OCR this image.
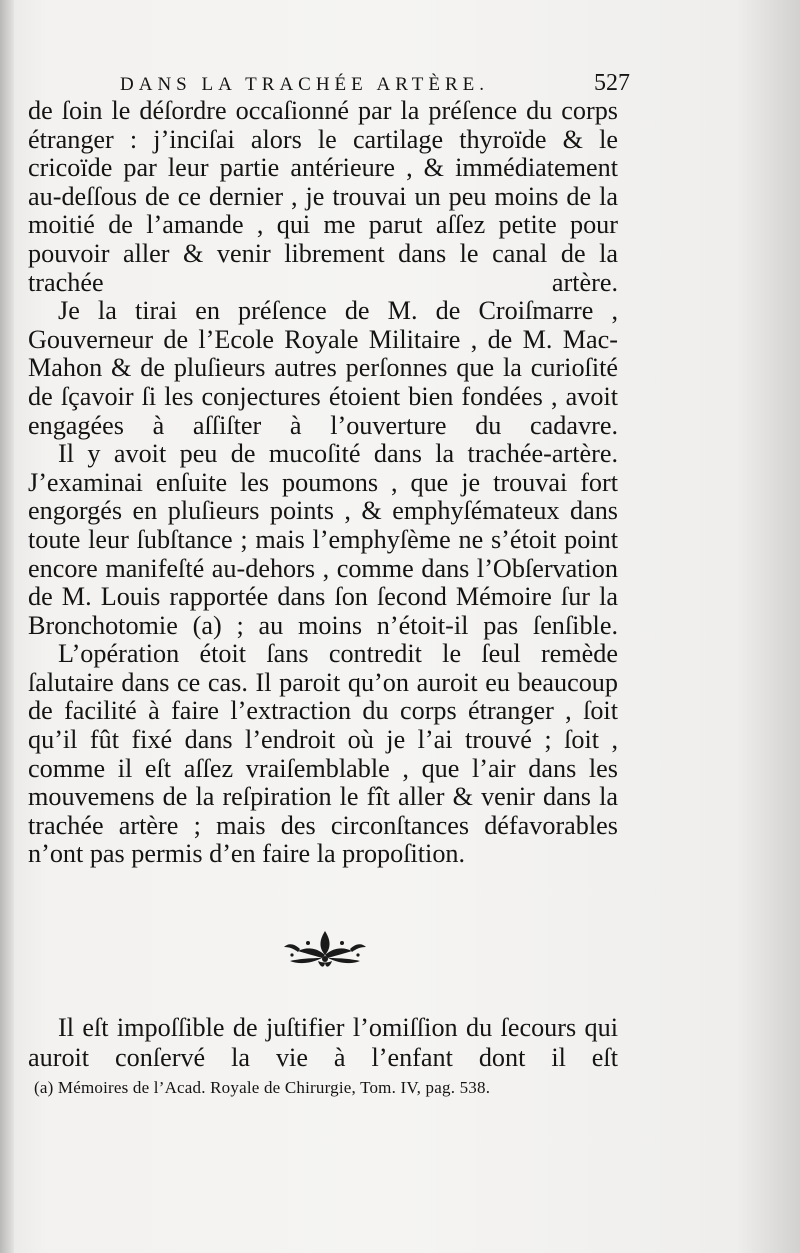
DANS LA TRACHÉE ARTÈRE.	527

de ſoin le déſordre occaſionné par la préſence du corps étranger : j’inciſai alors le cartilage thyroïde & le cricoïde par leur partie antérieure , & immédiatement au-deſſous de ce dernier , je trouvai un peu moins de la moitié de l’amande , qui me parut aſſez petite pour pouvoir aller & venir librement dans le canal de la trachée artère.

Je la tirai en préſence de M. de Croiſmarre , Gouverneur de l’Ecole Royale Militaire , de M. Mac-Mahon & de pluſieurs autres perſonnes que la curioſité de ſçavoir ſi les conjectures étoient bien fondées , avoit engagées à aſſiſter à l’ouverture du cadavre.

Il y avoit peu de mucoſité dans la trachée-artère. J’examinai enſuite les poumons , que je trouvai fort engorgés en pluſieurs points , & emphyſémateux dans toute leur ſubſtance ; mais l’emphyſème ne s’étoit point encore manifeſté au-dehors , comme dans l’Obſervation de M. Louis rapportée dans ſon ſecond Mémoire ſur la Bronchotomie (a) ; au moins n’étoit-il pas ſenſible.

L’opération étoit ſans contredit le ſeul remède ſalutaire dans ce cas. Il paroit qu’on auroit eu beaucoup de facilité à faire l’extraction du corps étranger , ſoit qu’il fût fixé dans l’endroit où je l’ai trouvé ; ſoit , comme il eſt aſſez vraiſemblable , que l’air dans les mouvemens de la reſpiration le fît aller & venir dans la trachée artère ; mais des circonſtances défavorables n’ont pas permis d’en faire la propoſition.

Il eſt impoſſible de juſtifier l’omiſſion du ſecours qui auroit conſervé la vie à l’enfant dont il eſt

(a) Mémoires de l’Acad. Royale de Chirurgie, Tom. IV, pag. 538.
